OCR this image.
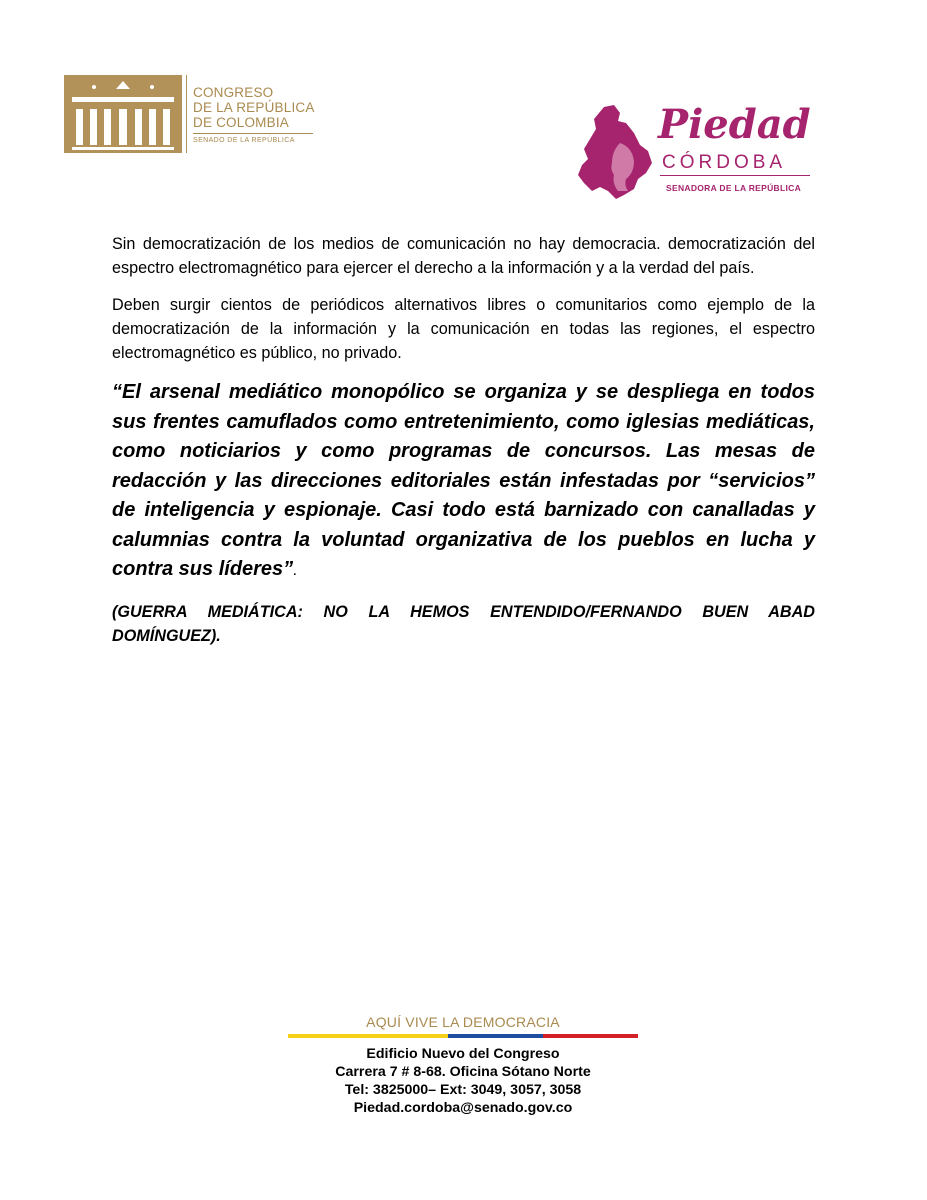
CONGRESO
DE LA REPÚBLICA
DE COLOMBIA
SENADO DE LA REPÚBLICA	Piedad
CÓRDOBA
SENADORA DE LA REPÚBLICA

Sin democratización de los medios de comunicación no hay democracia. democratización del espectro electromagnético para ejercer el derecho a la información y a la verdad del país.

Deben surgir cientos de periódicos alternativos libres o comunitarios como ejemplo de la democratización de la información y la comunicación en todas las regiones, el espectro electromagnético es público, no privado.

“El arsenal mediático monopólico se organiza y se despliega en todos sus frentes camuflados como entretenimiento, como iglesias mediáticas, como noticiarios y como programas de concursos. Las mesas de redacción y las direcciones editoriales están infestadas por “servicios” de inteligencia y espionaje. Casi todo está barnizado con canalladas y calumnias contra la voluntad organizativa de los pueblos en lucha y contra sus líderes”.

(GUERRA MEDIÁTICA: NO LA HEMOS ENTENDIDO/FERNANDO BUEN ABAD DOMÍNGUEZ).

AQUÍ VIVE LA DEMOCRACIA
Edificio Nuevo del Congreso
Carrera 7 # 8-68. Oficina Sótano Norte
Tel: 3825000– Ext: 3049, 3057, 3058
Piedad.cordoba@senado.gov.co
